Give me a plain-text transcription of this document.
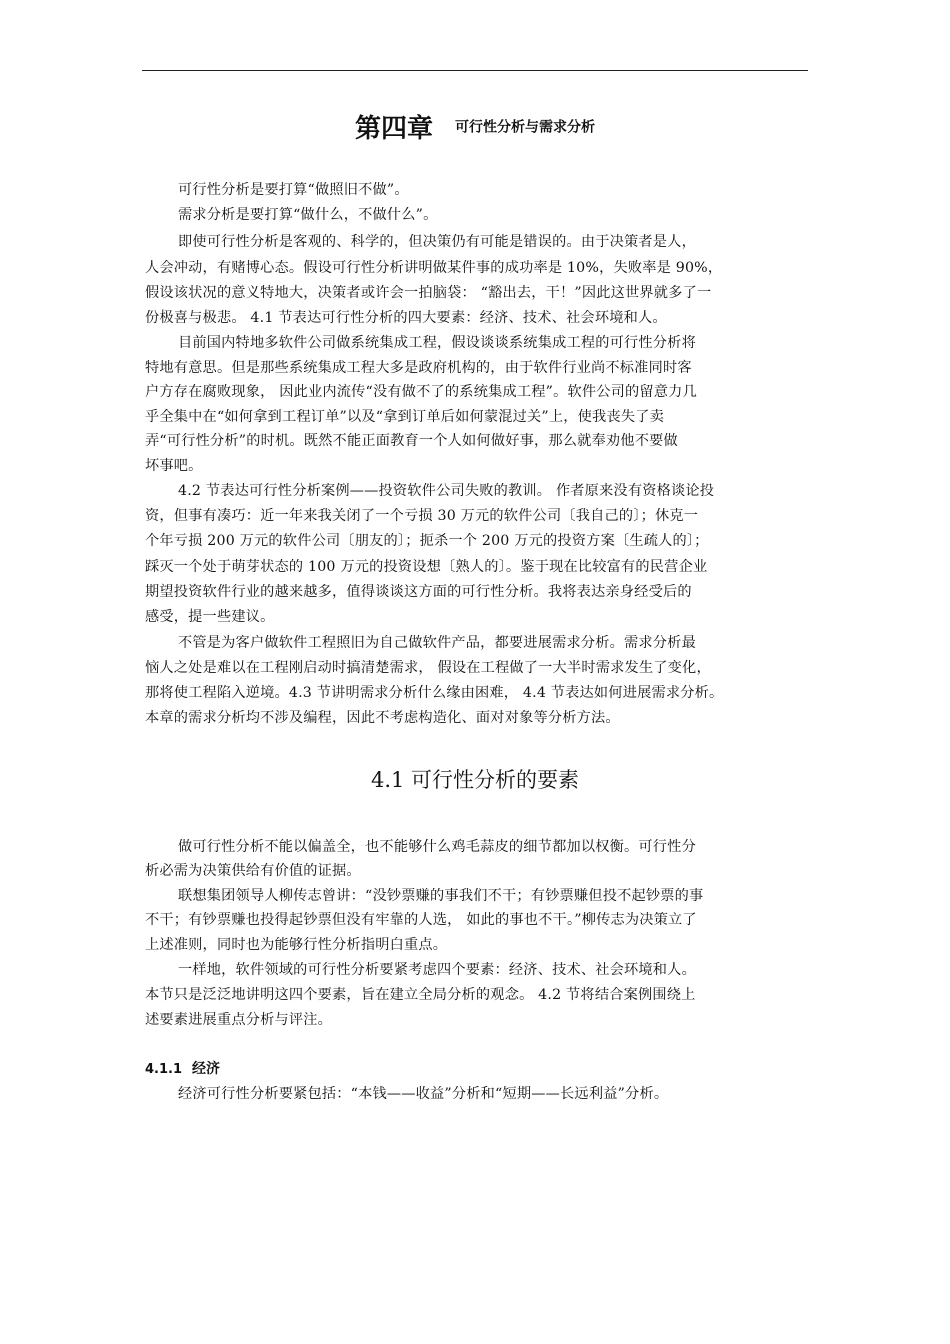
第四章 可行性分析与需求分析
可行性分析是要打算“做照旧不做”。
需求分析是要打算“做什么，不做什么”。
即使可行性分析是客观的、科学的，但决策仍有可能是错误的。由于决策者是人，
人会冲动，有赌博心态。假设可行性分析讲明做某件事的成功率是 10%，失败率是 90%，
假设该状况的意义特地大，决策者或许会一拍脑袋： “豁出去，干！”因此这世界就多了一
份极喜与极悲。 4.1 节表达可行性分析的四大要素：经济、技术、社会环境和人。
目前国内特地多软件公司做系统集成工程，假设谈谈系统集成工程的可行性分析将
特地有意思。但是那些系统集成工程大多是政府机构的，由于软件行业尚不标准同时客
户方存在腐败现象， 因此业内流传“没有做不了的系统集成工程”。软件公司的留意力几
乎全集中在“如何拿到工程订单”以及“拿到订单后如何蒙混过关”上，使我丧失了卖
弄“可行性分析”的时机。既然不能正面教育一个人如何做好事，那么就奉劝他不要做
坏事吧。
4.2 节表达可行性分析案例——投资软件公司失败的教训。 作者原来没有资格谈论投
资，但事有凑巧：近一年来我关闭了一个亏损 30 万元的软件公司〔我自己的〕；休克一
个年亏损 200 万元的软件公司〔朋友的〕；扼杀一个 200 万元的投资方案〔生疏人的〕；
踩灭一个处于萌芽状态的 100 万元的投资设想〔熟人的〕。鉴于现在比较富有的民营企业
期望投资软件行业的越来越多，值得谈谈这方面的可行性分析。我将表达亲身经受后的
感受，提一些建议。
不管是为客户做软件工程照旧为自己做软件产品，都要进展需求分析。需求分析最
恼人之处是难以在工程刚启动时搞清楚需求， 假设在工程做了一大半时需求发生了变化，
那将使工程陷入逆境。4.3 节讲明需求分析什么缘由困难， 4.4 节表达如何进展需求分析。
本章的需求分析均不涉及编程，因此不考虑构造化、面对对象等分析方法。
4.1 可行性分析的要素
做可行性分析不能以偏盖全，也不能够什么鸡毛蒜皮的细节都加以权衡。可行性分
析必需为决策供给有价值的证据。
联想集团领导人柳传志曾讲：“没钞票赚的事我们不干；有钞票赚但投不起钞票的事
不干；有钞票赚也投得起钞票但没有牢靠的人选， 如此的事也不干。”柳传志为决策立了
上述准则，同时也为能够行性分析指明白重点。
一样地，软件领域的可行性分析要紧考虑四个要素：经济、技术、社会环境和人。
本节只是泛泛地讲明这四个要素，旨在建立全局分析的观念。 4.2 节将结合案例围绕上
述要素进展重点分析与评注。
4.1.1 经济
经济可行性分析要紧包括：“本钱——收益”分析和“短期——长远利益”分析。
